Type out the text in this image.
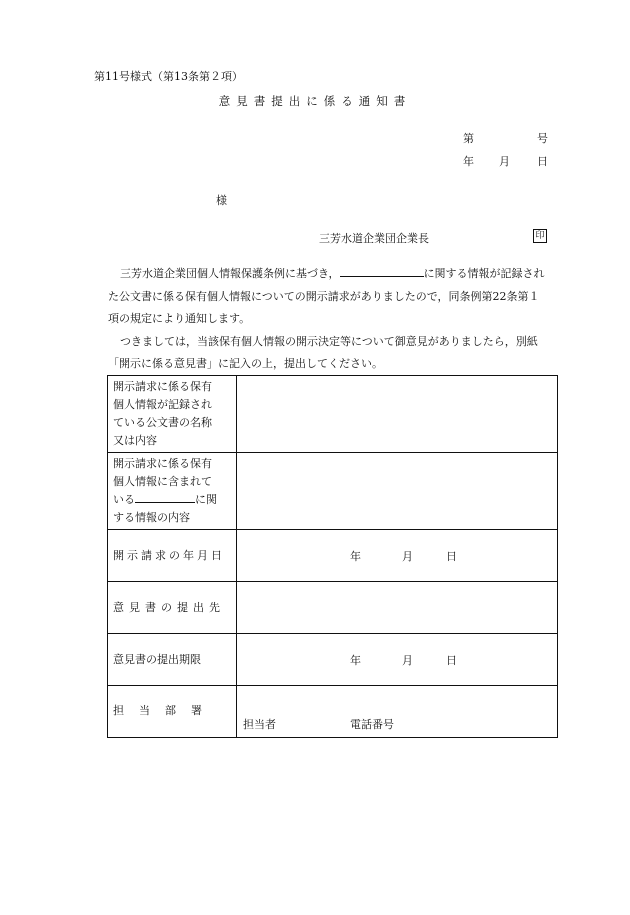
第11号様式（第13条第２項）
意見書提出に係る通知書
第	号
年 月 日
様
三芳水道企業団企業長	印
三芳水道企業団個人情報保護条例に基づき，	に関する情報が記録され
た公文書に係る保有個人情報についての開示請求がありましたので，同条例第22条第１
項の規定により通知します。
つきましては，当該保有個人情報の開示決定等について御意見がありましたら，別紙
「開示に係る意見書」に記入の上，提出してください。
開示請求に係る保有
個人情報が記録され
ている公文書の名称
又は内容	

開示請求に係る保有
個人情報に含まれて
いる に関
する情報の内容	

開示請求の年月日	年 月 日

意見書の提出先	
意見書の提出期限	年 月 日

担当部署	担当者 電話番号
